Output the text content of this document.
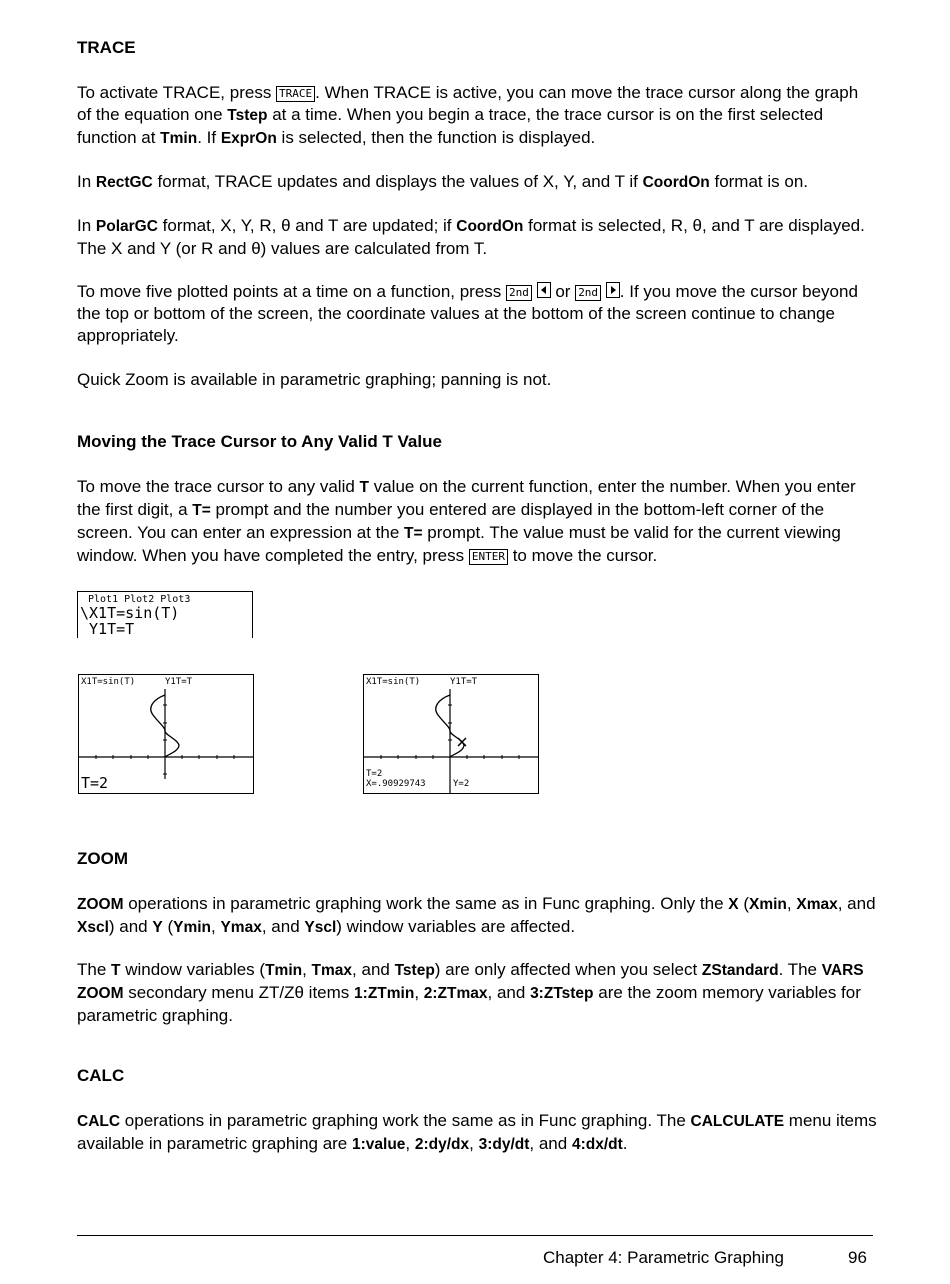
TRACE

To activate TRACE, press TRACE . When TRACE is active, you can move the trace cursor along the graph of the equation one Tstep at a time. When you begin a trace, the trace cursor is on the first selected function at Tmin. If ExprOn is selected, then the function is displayed.

In RectGC format, TRACE updates and displays the values of X, Y, and T if CoordOn format is on.

In PolarGC format, X, Y, R, θ and T are updated; if CoordOn format is selected, R, θ, and T are displayed. The X and Y (or R and θ) values are calculated from T.

To move five plotted points at a time on a function, press 2nd  or 2nd . If you move the cursor beyond the top or bottom of the screen, the coordinate values at the bottom of the screen continue to change appropriately.

Quick Zoom is available in parametric graphing; panning is not.

Moving the Trace Cursor to Any Valid T Value

To move the trace cursor to any valid T value on the current function, enter the number. When you enter the first digit, a T= prompt and the number you entered are displayed in the bottom-left corner of the screen. You can enter an expression at the T= prompt. The value must be valid for the current viewing window. When you have completed the entry, press ENTER to move the cursor.

Plot1 Plot2 Plot3
\X1T=sin(T)
Y1T=T
X1T=sin(T)	Y1T=T
T=2
X1T=sin(T)	Y1T=T
T=2
X=.90929743	Y=2
ZOOM

ZOOM operations in parametric graphing work the same as in Func graphing. Only the X (Xmin, Xmax, and Xscl) and Y (Ymin, Ymax, and Yscl) window variables are affected.

The T window variables (Tmin, Tmax, and Tstep) are only affected when you select ZStandard. The VARS ZOOM secondary menu ZT/Zθ items 1:ZTmin, 2:ZTmax, and 3:ZTstep are the zoom memory variables for parametric graphing.

CALC

CALC operations in parametric graphing work the same as in Func graphing. The CALCULATE menu items available in parametric graphing are 1:value, 2:dy/dx, 3:dy/dt, and 4:dx/dt.

Chapter 4: Parametric Graphing	96
